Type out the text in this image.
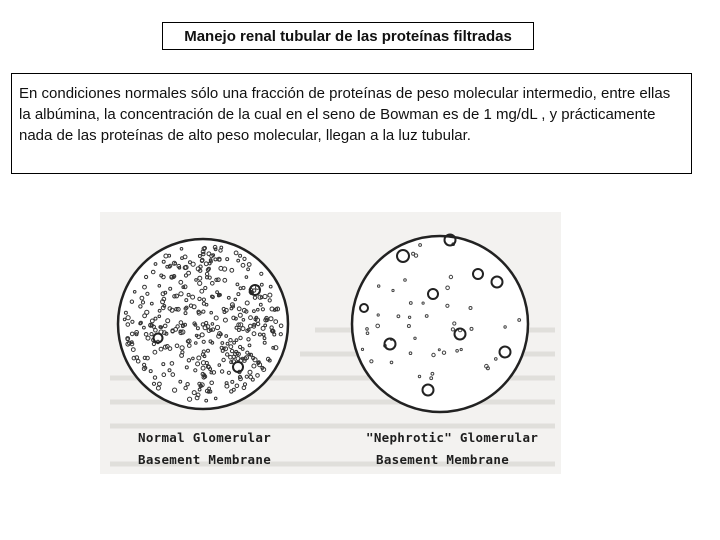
Manejo renal tubular de las proteínas filtradas
En condiciones normales sólo una fracción de proteínas de peso molecular intermedio, entre ellas la albúmina, la concentración de la cual en el seno de Bowman es de 1 mg/dL , y prácticamente nada de las proteínas de alto peso molecular, llegan a la luz tubular.
Normal Glomerular
Basement Membrane
"Nephrotic" Glomerular
Basement Membrane
